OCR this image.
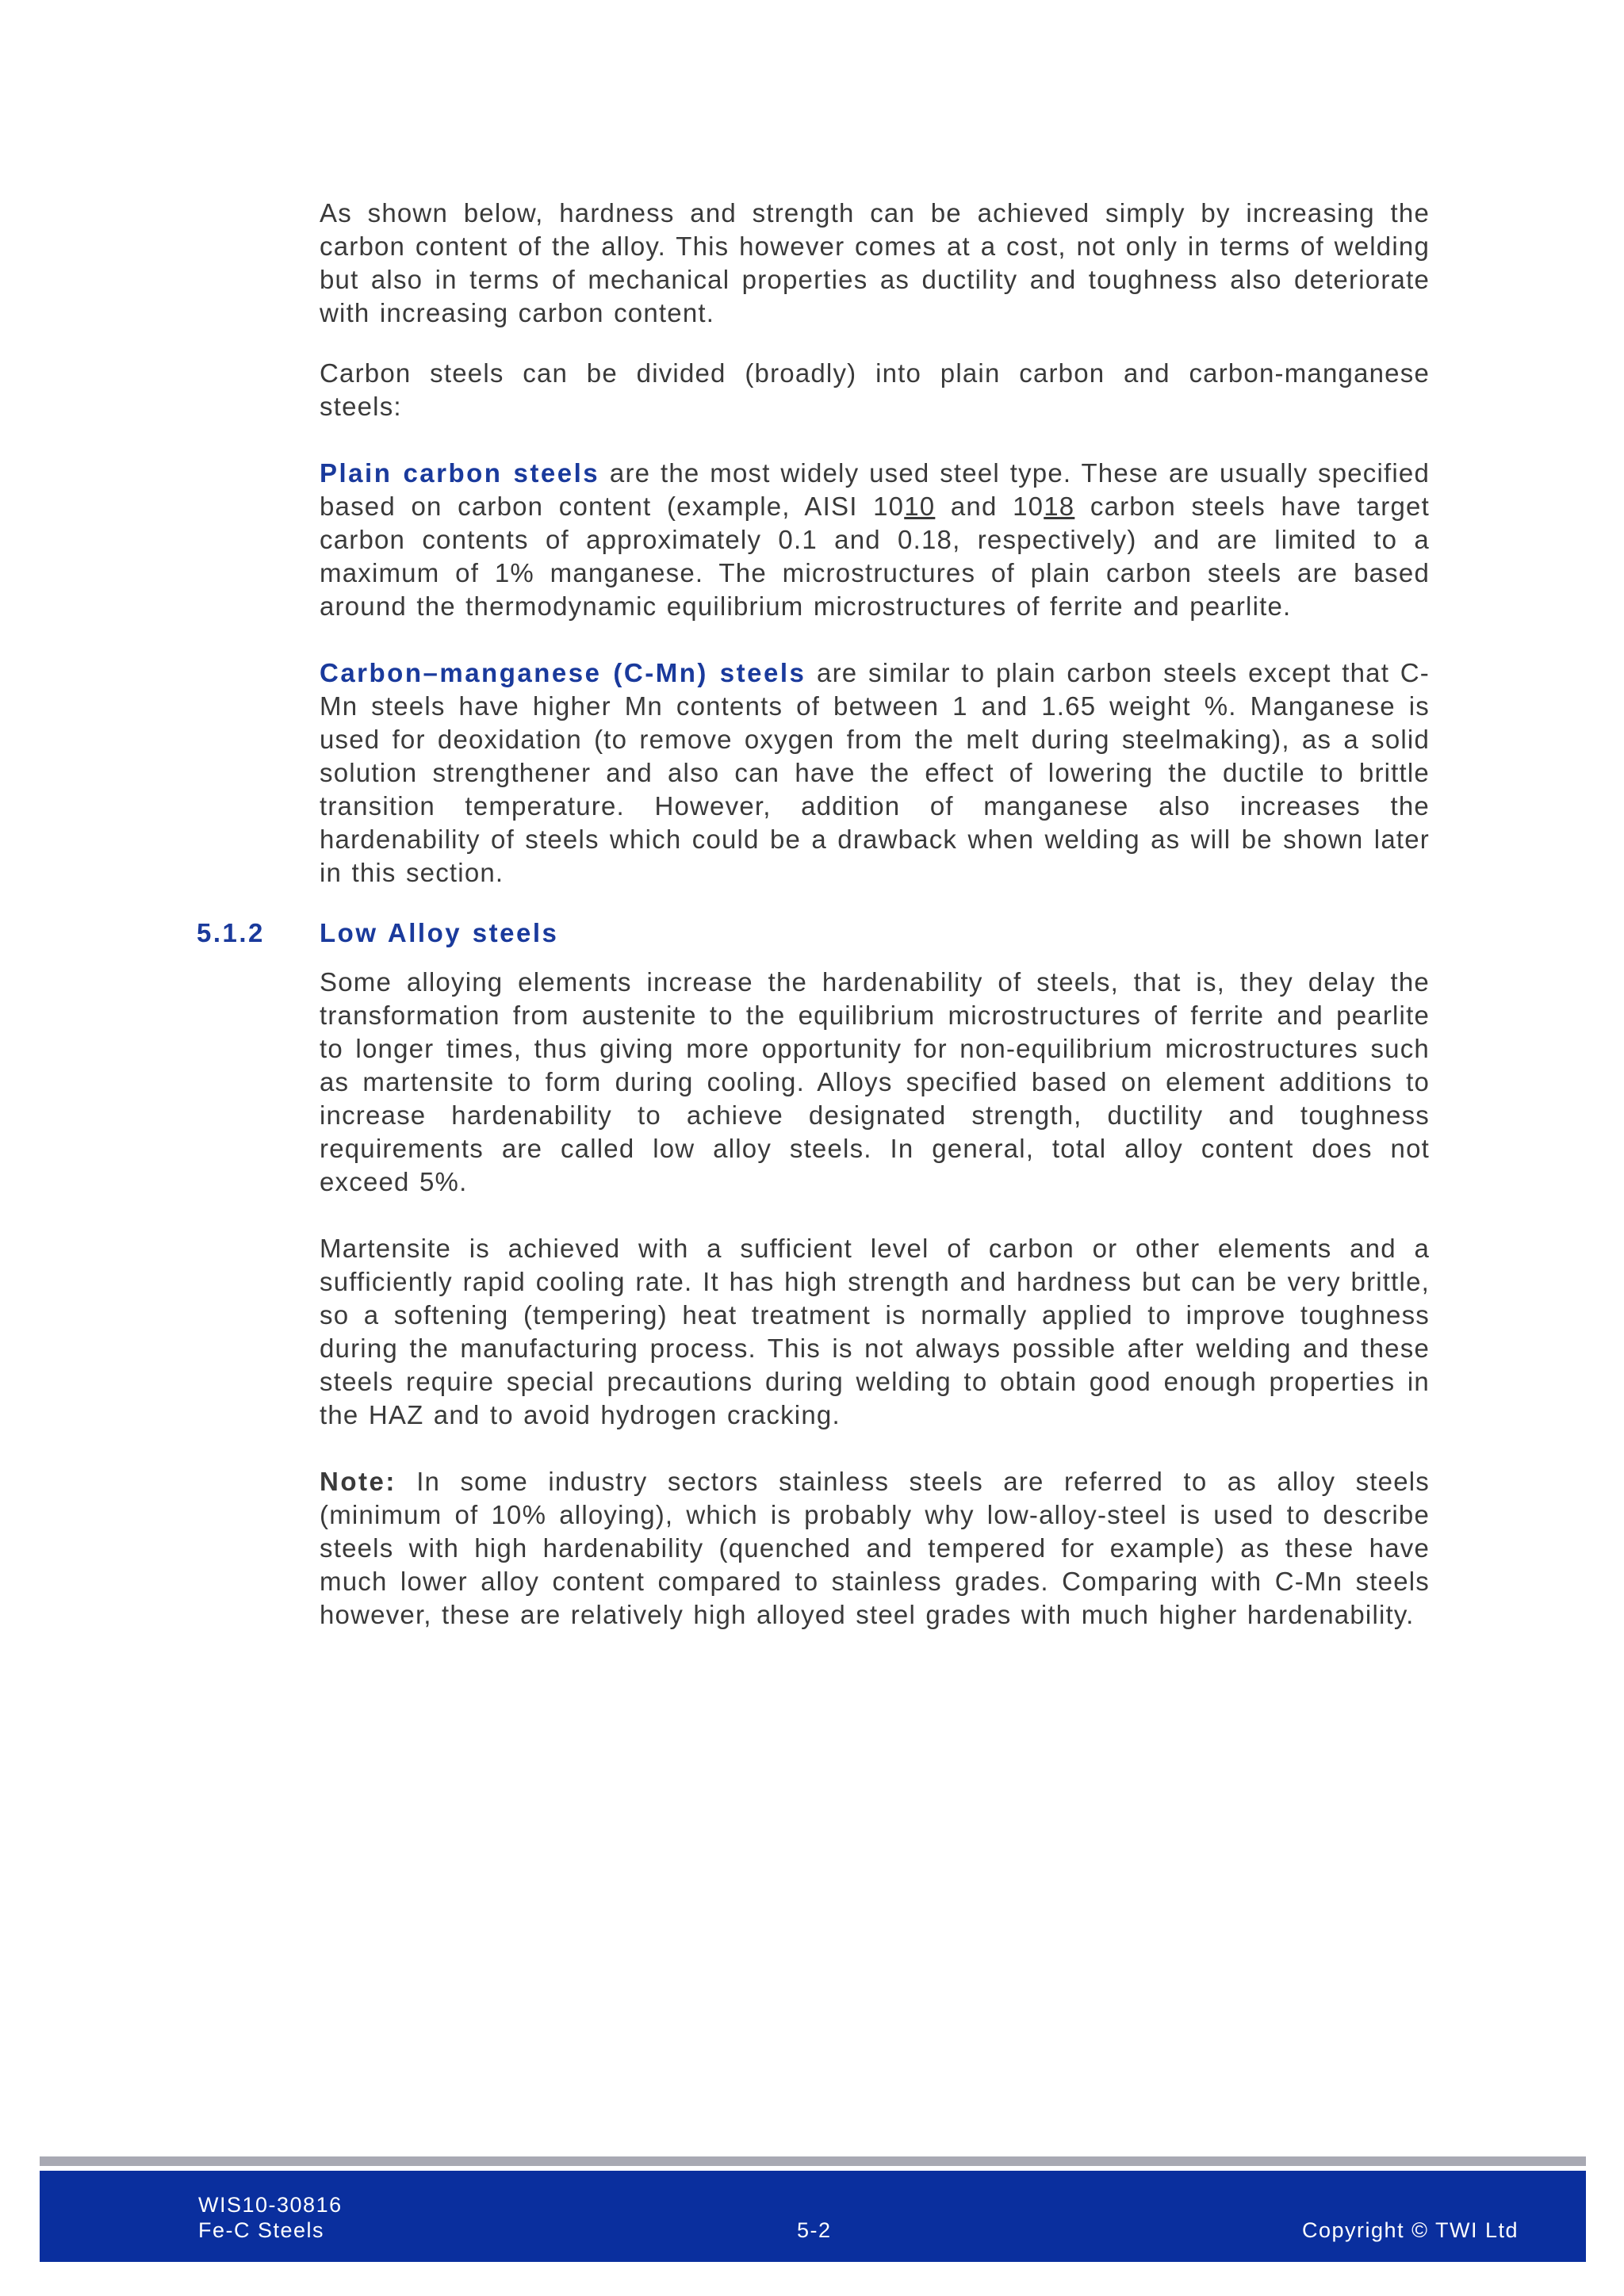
As shown below, hardness and strength can be achieved simply by increasing the carbon content of the alloy. This however comes at a cost, not only in terms of welding but also in terms of mechanical properties as ductility and toughness also deteriorate with increasing carbon content.

Carbon steels can be divided (broadly) into plain carbon and carbon-manganese steels:

Plain carbon steels are the most widely used steel type. These are usually specified based on carbon content (example, AISI 1010 and 1018 carbon steels have target carbon contents of approximately 0.1 and 0.18, respectively) and are limited to a maximum of 1% manganese. The microstructures of plain carbon steels are based around the thermodynamic equilibrium microstructures of ferrite and pearlite.

Carbon–manganese (C-Mn) steels are similar to plain carbon steels except that C-Mn steels have higher Mn contents of between 1 and 1.65 weight %. Manganese is used for deoxidation (to remove oxygen from the melt during steelmaking), as a solid solution strengthener and also can have the effect of lowering the ductile to brittle transition temperature. However, addition of manganese also increases the hardenability of steels which could be a drawback when welding as will be shown later in this section.

5.1.2 Low Alloy steels

Some alloying elements increase the hardenability of steels, that is, they delay the transformation from austenite to the equilibrium microstructures of ferrite and pearlite to longer times, thus giving more opportunity for non-equilibrium microstructures such as martensite to form during cooling. Alloys specified based on element additions to increase hardenability to achieve designated strength, ductility and toughness requirements are called low alloy steels. In general, total alloy content does not exceed 5%.

Martensite is achieved with a sufficient level of carbon or other elements and a sufficiently rapid cooling rate. It has high strength and hardness but can be very brittle, so a softening (tempering) heat treatment is normally applied to improve toughness during the manufacturing process. This is not always possible after welding and these steels require special precautions during welding to obtain good enough properties in the HAZ and to avoid hydrogen cracking.

Note: In some industry sectors stainless steels are referred to as alloy steels (minimum of 10% alloying), which is probably why low-alloy-steel is used to describe steels with high hardenability (quenched and tempered for example) as these have much lower alloy content compared to stainless grades. Comparing with C-Mn steels however, these are relatively high alloyed steel grades with much higher hardenability.

WIS10-30816
Fe-C Steels	5-2	Copyright © TWI Ltd
